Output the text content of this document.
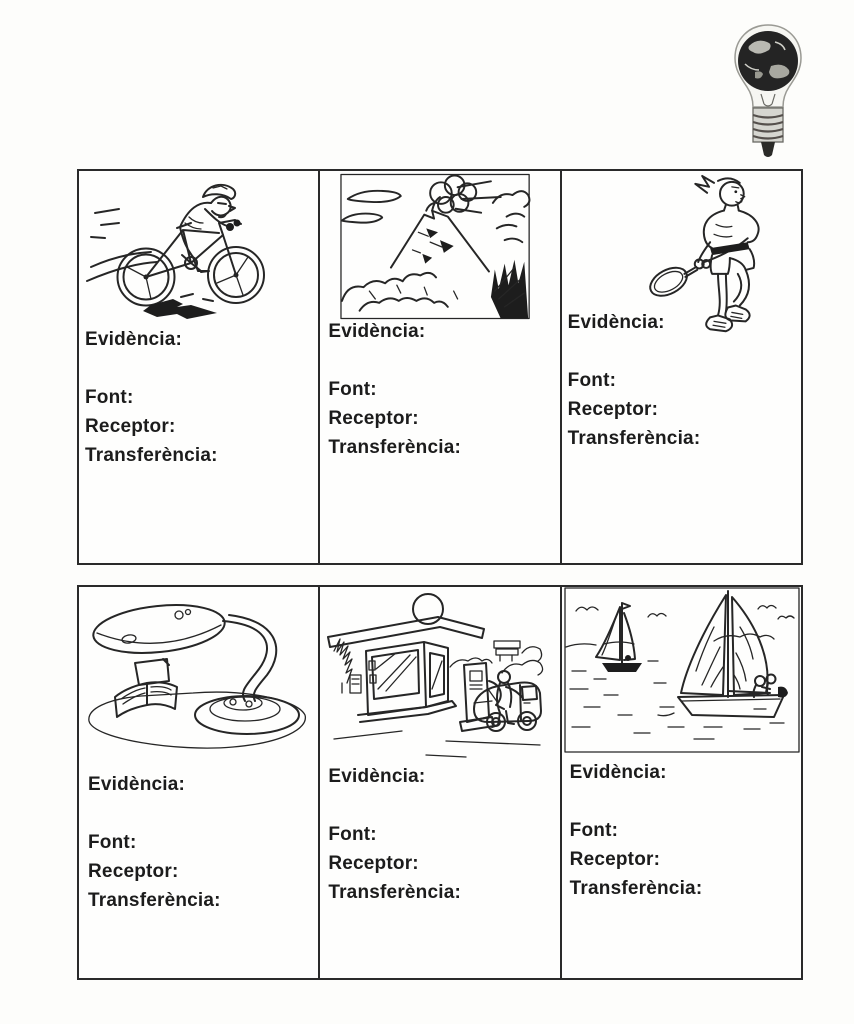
Evidència:
Font:
Receptor:
Transferència:
Evidència:
Font:
Receptor:
Transferència:
Evidència:
Font:
Receptor:
Transferència:
Evidència:
Font:
Receptor:
Transferència:
Evidència:
Font:
Receptor:
Transferència:
Evidència:
Font:
Receptor:
Transferència:
